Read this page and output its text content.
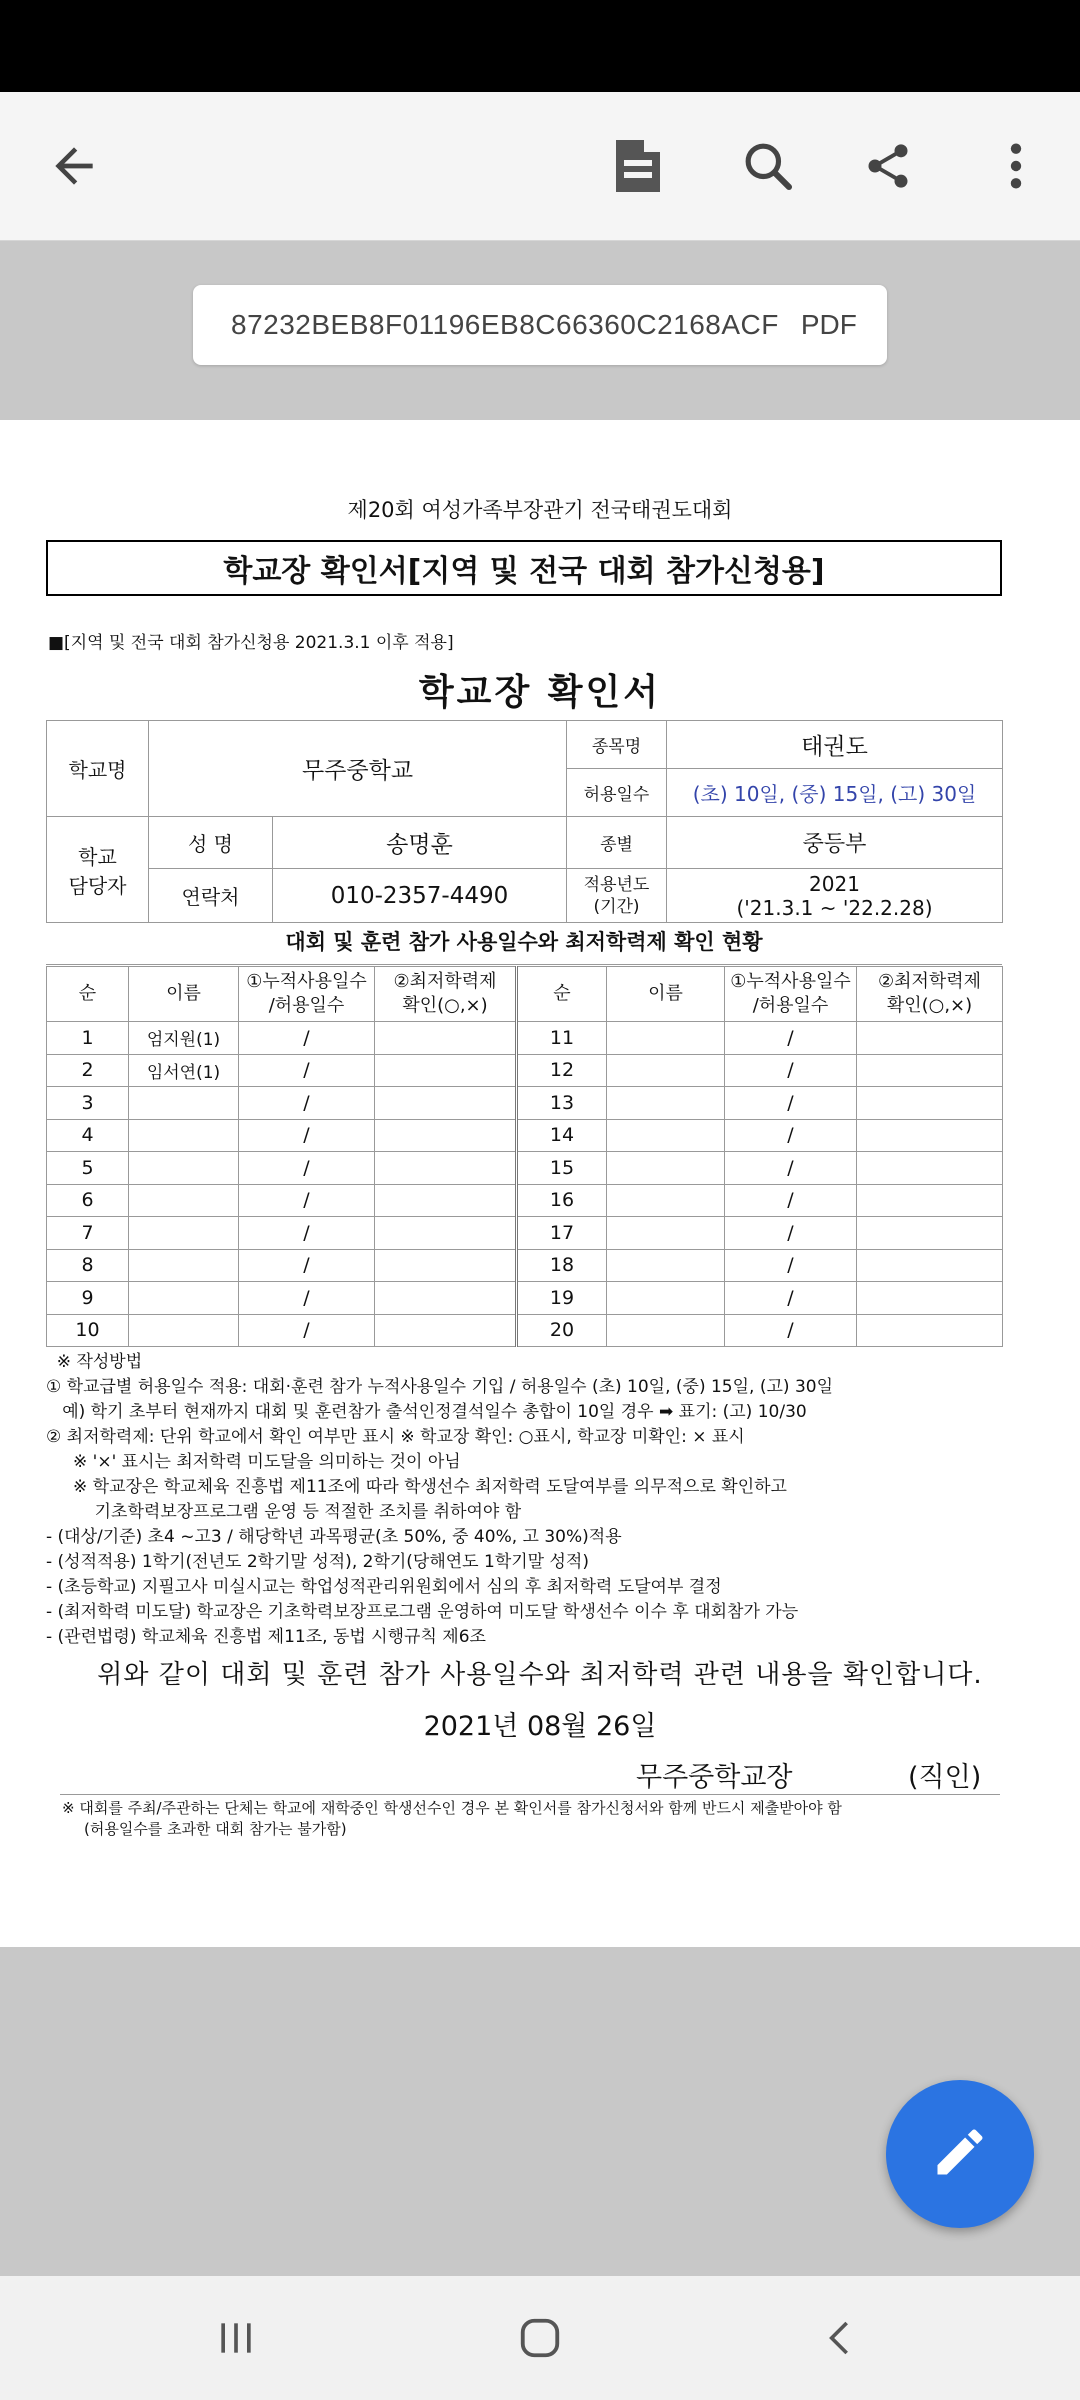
87232BEB8F01196EB8C66360C2168ACF PDF
제20회 여성가족부장관기 전국태권도대회
학교장 확인서[지역 및 전국 대회 참가신청용]
■[지역 및 전국 대회 참가신청용 2021.3.1 이후 적용]
학교장 확인서
학교명	무주중학교		종목명	태권도
			허용일수	(초) 10일, (중) 15일, (고) 30일
학교 담당자	성 명	송명훈	종별	중등부
	연락처	010-2357-4490	적용년도 (기간)	2021
('21.3.1 ~ '22.2.28)
대회 및 훈련 참가 사용일수와 최저학력제 확인 현황
순	이름	①누적사용일수
/허용일수	②최저학력제
확인(○,×)	순	이름	①누적사용일수
/허용일수	②최저학력제
확인(○,×)
1	엄지원(1)	/		11		/	
2	임서연(1)	/		12		/	
3		/		13		/	
4		/		14		/	
5		/		15		/	
6		/		16		/	
7		/		17		/	
8		/		18		/	
9		/		19		/	
10		/		20		/	
※ 작성방법
① 학교급별 허용일수 적용: 대회·훈련 참가 누적사용일수 기입 / 허용일수 (초) 10일, (중) 15일, (고) 30일
예) 학기 초부터 현재까지 대회 및 훈련참가 출석인정결석일수 총합이 10일 경우 ➡ 표기: (고) 10/30
② 최저학력제: 단위 학교에서 확인 여부만 표시 ※ 학교장 확인: ○표시, 학교장 미확인: × 표시
※ '×' 표시는 최저학력 미도달을 의미하는 것이 아님
※ 학교장은 학교체육 진흥법 제11조에 따라 학생선수 최저학력 도달여부를 의무적으로 확인하고
기초학력보장프로그램 운영 등 적절한 조치를 취하여야 함
- (대상/기준) 초4 ~고3 / 해당학년 과목평균(초 50%, 중 40%, 고 30%)적용
- (성적적용) 1학기(전년도 2학기말 성적), 2학기(당해연도 1학기말 성적)
- (초등학교) 지필고사 미실시교는 학업성적관리위원회에서 심의 후 최저학력 도달여부 결정
- (최저학력 미도달) 학교장은 기초학력보장프로그램 운영하여 미도달 학생선수 이수 후 대회참가 가능
- (관련법령) 학교체육 진흥법 제11조, 동법 시행규칙 제6조
위와 같이 대회 및 훈련 참가 사용일수와 최저학력 관련 내용을 확인합니다.
2021년 08월 26일
무주중학교장	(직인)
※ 대회를 주최/주관하는 단체는 학교에 재학중인 학생선수인 경우 본 확인서를 참가신청서와 함께 반드시 제출받아야 함
(허용일수를 초과한 대회 참가는 불가함)
